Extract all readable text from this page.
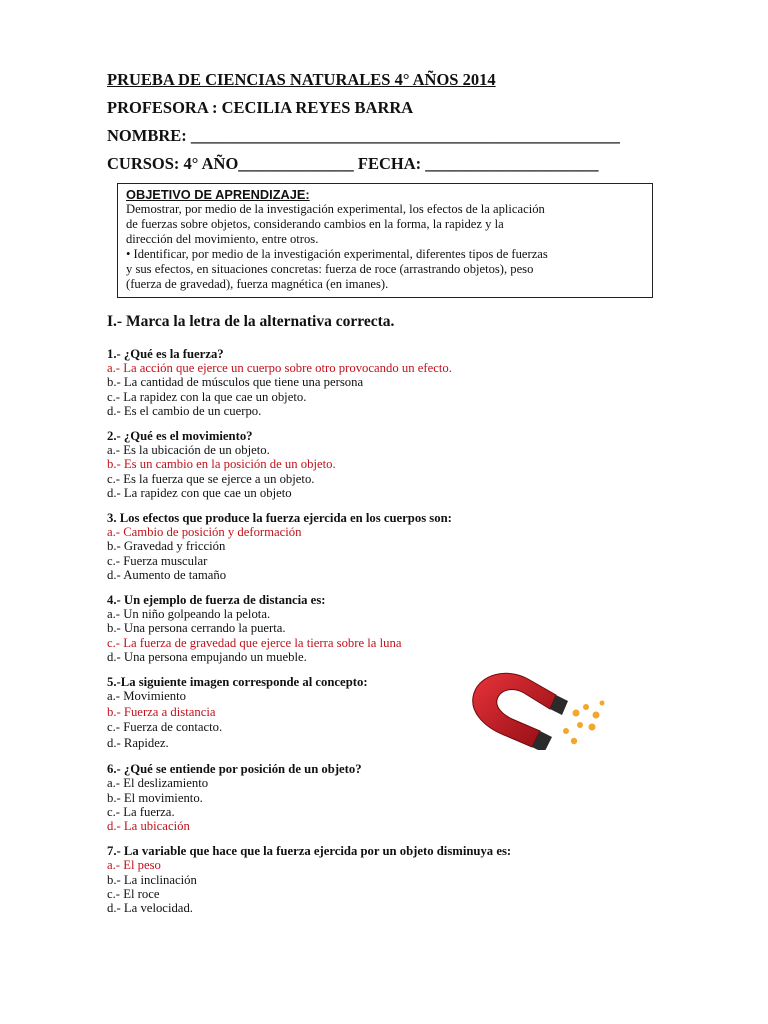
PRUEBA DE CIENCIAS NATURALES 4° AÑOS 2014

PROFESORA : CECILIA REYES BARRA

NOMBRE: ____________________________________________________

CURSOS: 4° AÑO______________ FECHA: _____________________

OBJETIVO DE APRENDIZAJE:
Demostrar, por medio de la investigación experimental, los efectos de la aplicación
de fuerzas sobre objetos, considerando cambios en la forma, la rapidez y la
dirección del movimiento, entre otros.
• Identificar, por medio de la investigación experimental, diferentes tipos de fuerzas
y sus efectos, en situaciones concretas: fuerza de roce (arrastrando objetos), peso
(fuerza de gravedad), fuerza magnética (en imanes).

I.- Marca la letra de la alternativa correcta.

1.- ¿Qué es la fuerza?
a.- La acción que ejerce un cuerpo sobre otro provocando un efecto.
b.- La cantidad de músculos que tiene una persona
c.- La rapidez con la que cae un objeto.
d.- Es el cambio de un cuerpo.
2.- ¿Qué es el movimiento?
a.- Es la ubicación de un objeto.
b.- Es un cambio en la posición de un objeto.
c.- Es la fuerza que se ejerce a un objeto.
d.- La rapidez con que cae un objeto
3. Los efectos que produce la fuerza ejercida en los cuerpos son:
a.- Cambio de posición y deformación
b.- Gravedad y fricción
c.- Fuerza muscular
d.- Aumento de tamaño
4.- Un ejemplo de fuerza de distancia es:
a.- Un niño golpeando la pelota.
b.- Una persona cerrando la puerta.
c.- La fuerza de gravedad que ejerce la tierra sobre la luna
d.- Una persona empujando un mueble.
5.-La siguiente imagen corresponde al concepto:
a.- Movimiento
b.- Fuerza a distancia
c.- Fuerza de contacto.
d.- Rapidez.
6.- ¿Qué se entiende por posición de un objeto?
a.- El deslizamiento
b.- El movimiento.
c.- La fuerza.
d.- La ubicación
7.- La variable que hace que la fuerza ejercida por un objeto disminuya es:
a.- El peso
b.- La inclinación
c.- El roce
d.- La velocidad.
